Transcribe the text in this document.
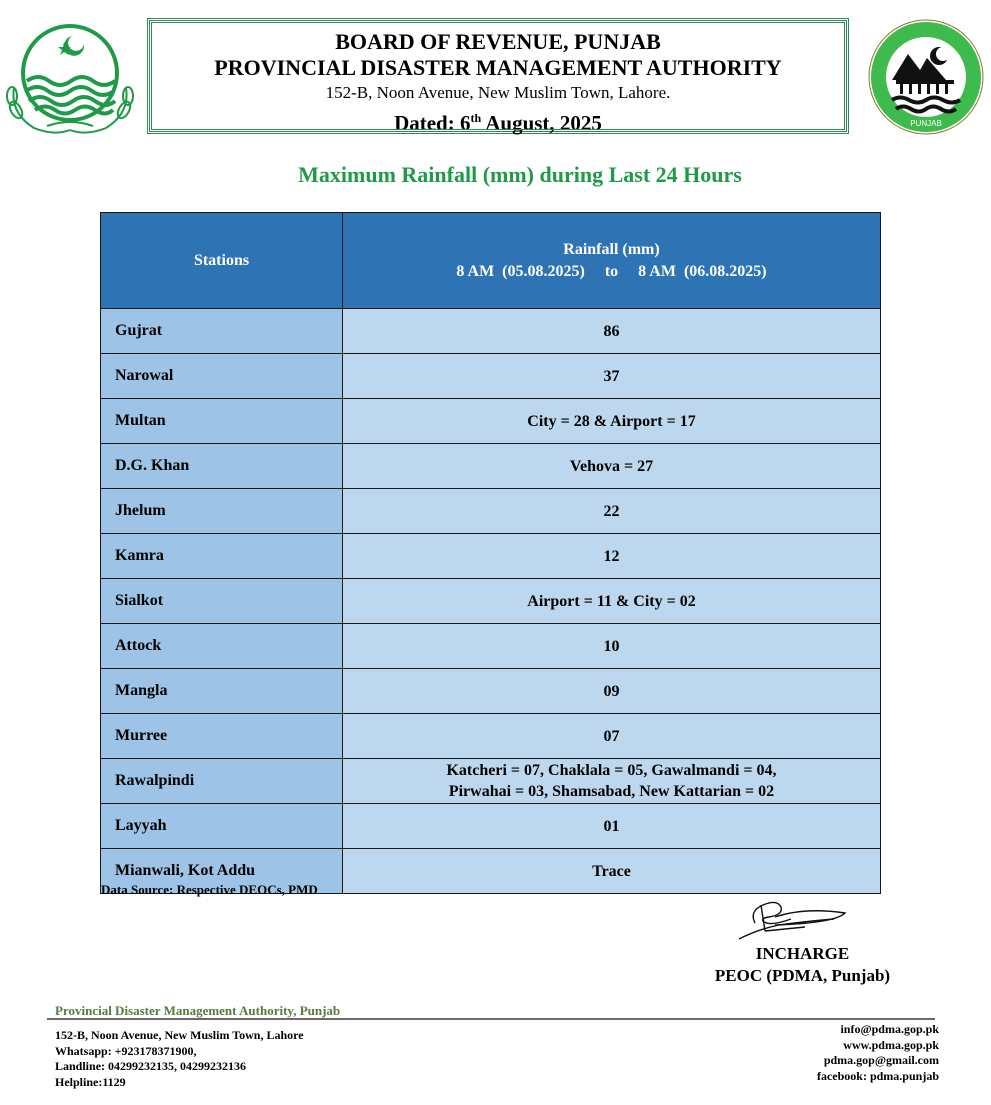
BOARD OF REVENUE, PUNJAB
PROVINCIAL DISASTER MANAGEMENT AUTHORITY
152-B, Noon Avenue, New Muslim Town, Lahore.
Dated: 6th August, 2025	PUNJAB
Maximum Rainfall (mm) during Last 24 Hours
Stations	Rainfall (mm)
8 AM  (05.08.2025)     to     8 AM  (06.08.2025)

Gujrat	86
Narowal	37
Multan	City = 28 & Airport = 17
D.G. Khan	Vehova = 27
Jhelum	22
Kamra	12
Sialkot	Airport = 11 & City = 02
Attock	10
Mangla	09
Murree	07
Rawalpindi	Katcheri = 07, Chaklala = 05, Gawalmandi = 04,
Pirwahai = 03, Shamsabad, New Kattarian = 02

Layyah	01
Mianwali, Kot Addu	Trace
Data Source: Respective DEOCs, PMD
INCHARGE
PEOC (PDMA, Punjab)
Provincial Disaster Management Authority, Punjab
152-B, Noon Avenue, New Muslim Town, Lahore
Whatsapp: +923178371900,
Landline: 04299232135, 04299232136
Helpline:1129
info@pdma.gop.pk
www.pdma.gop.pk
pdma.gop@gmail.com
facebook: pdma.punjab
